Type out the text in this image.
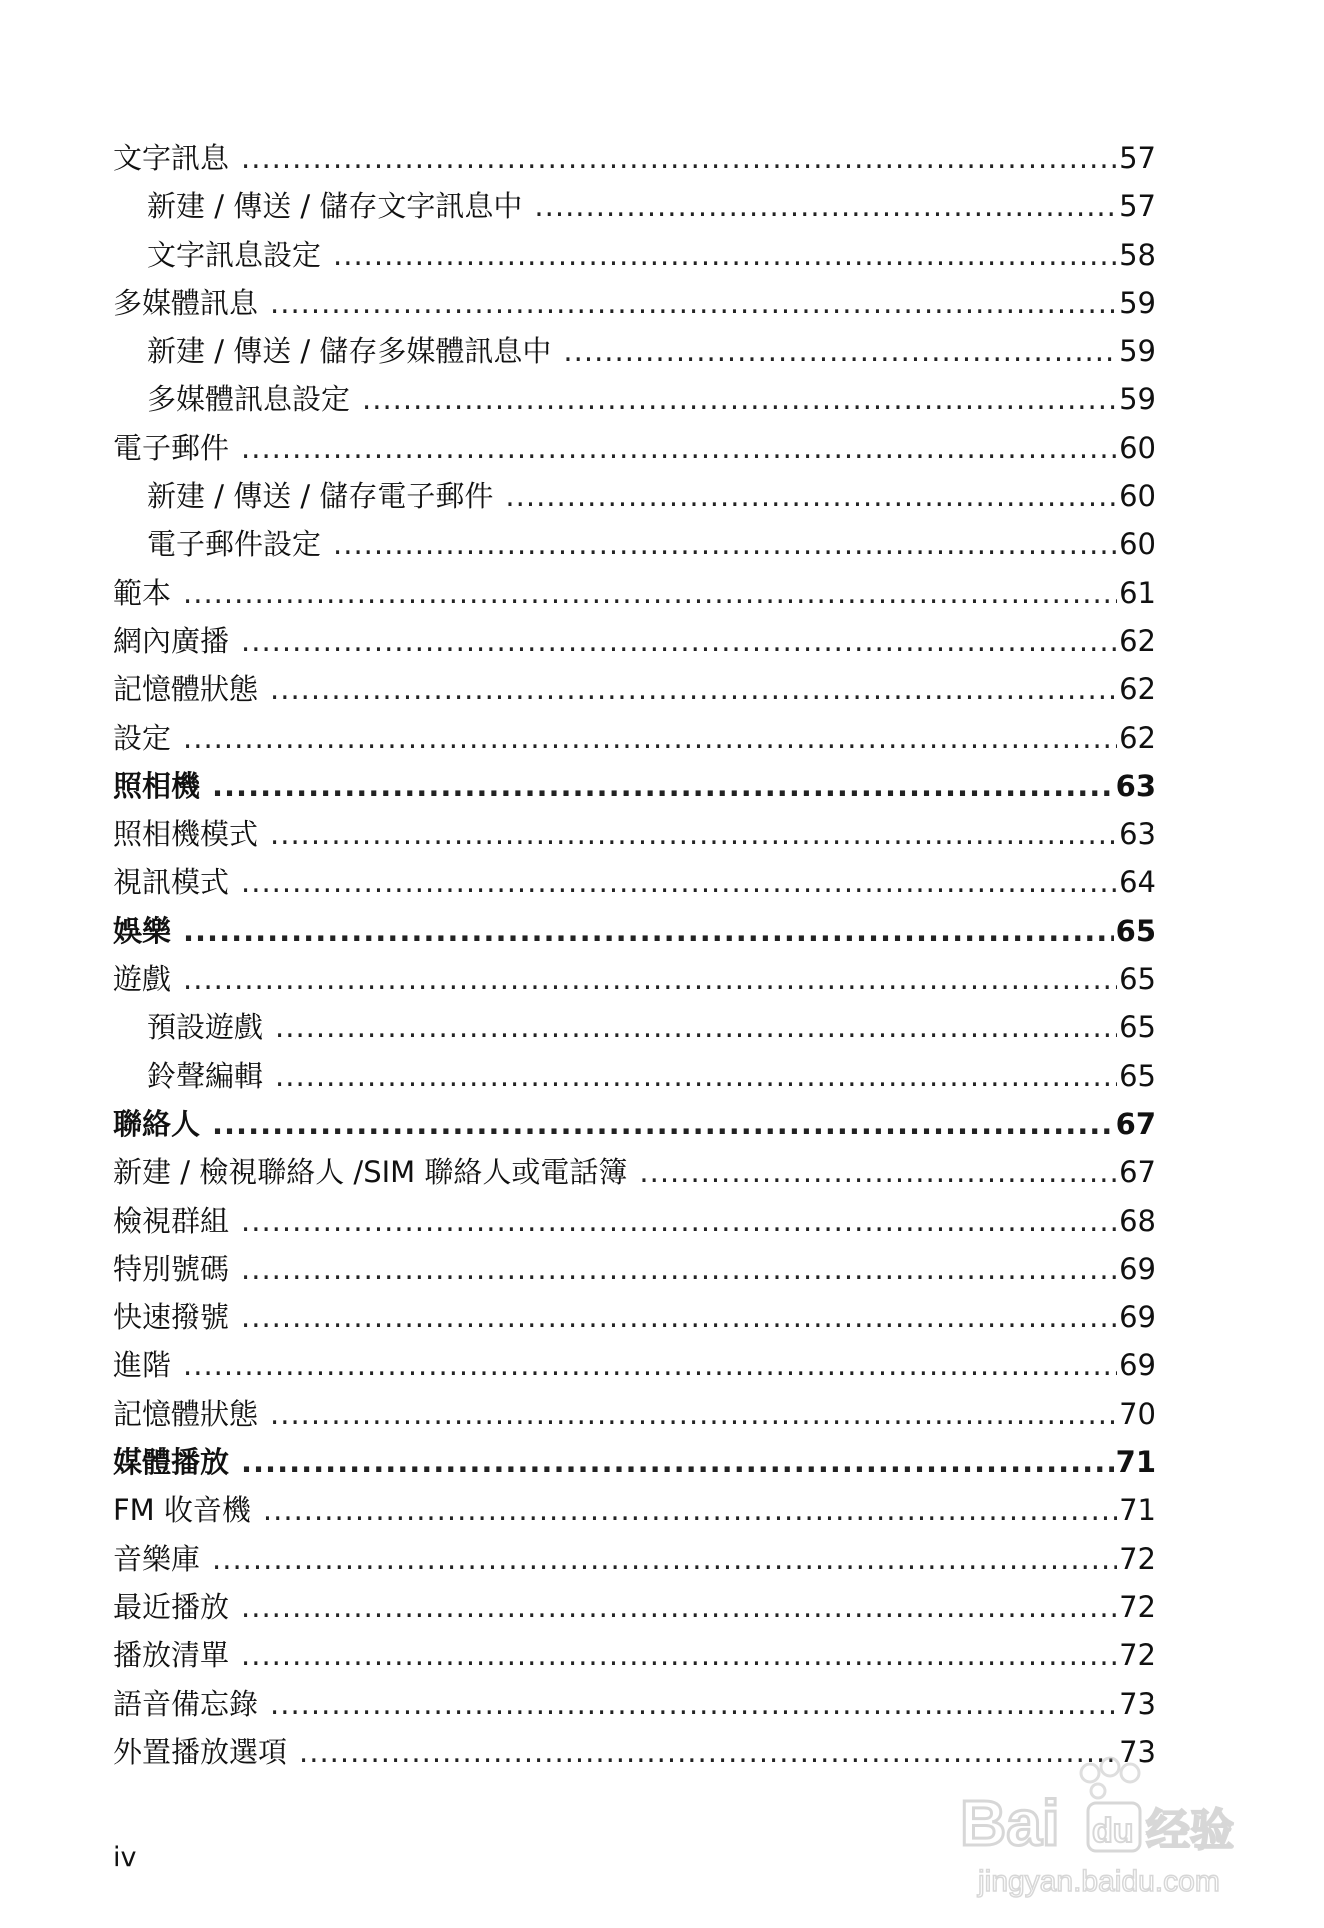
文字訊息 .....	57
新建 / 傳送 / 儲存文字訊息中 .....	57
文字訊息設定 .....	58
多媒體訊息 .....	59
新建 / 傳送 / 儲存多媒體訊息中 .....	59
多媒體訊息設定 .....	59
電子郵件 .....	60
新建 / 傳送 / 儲存電子郵件 .....	60
電子郵件設定 .....	60
範本 .....	61
網內廣播 .....	62
記憶體狀態 .....	62
設定 .....	62
照相機 .....	63
照相機模式 .....	63
視訊模式 .....	64
娛樂 .....	65
遊戲 .....	65
預設遊戲 .....	65
鈴聲編輯 .....	65
聯絡人 .....	67
新建 / 檢視聯絡人 /SIM 聯絡人或電話簿 .....	67
檢視群組 .....	68
特別號碼 .....	69
快速撥號 .....	69
進階 .....	69
記憶體狀態 .....	70
媒體播放 .....	71
FM 收音機 .....	71
音樂庫 .....	72
最近播放 .....	72
播放清單 .....	72
語音備忘錄 .....	73
外置播放選項 .....	73
iv	Bai du 经验
jingyan.baidu.com
